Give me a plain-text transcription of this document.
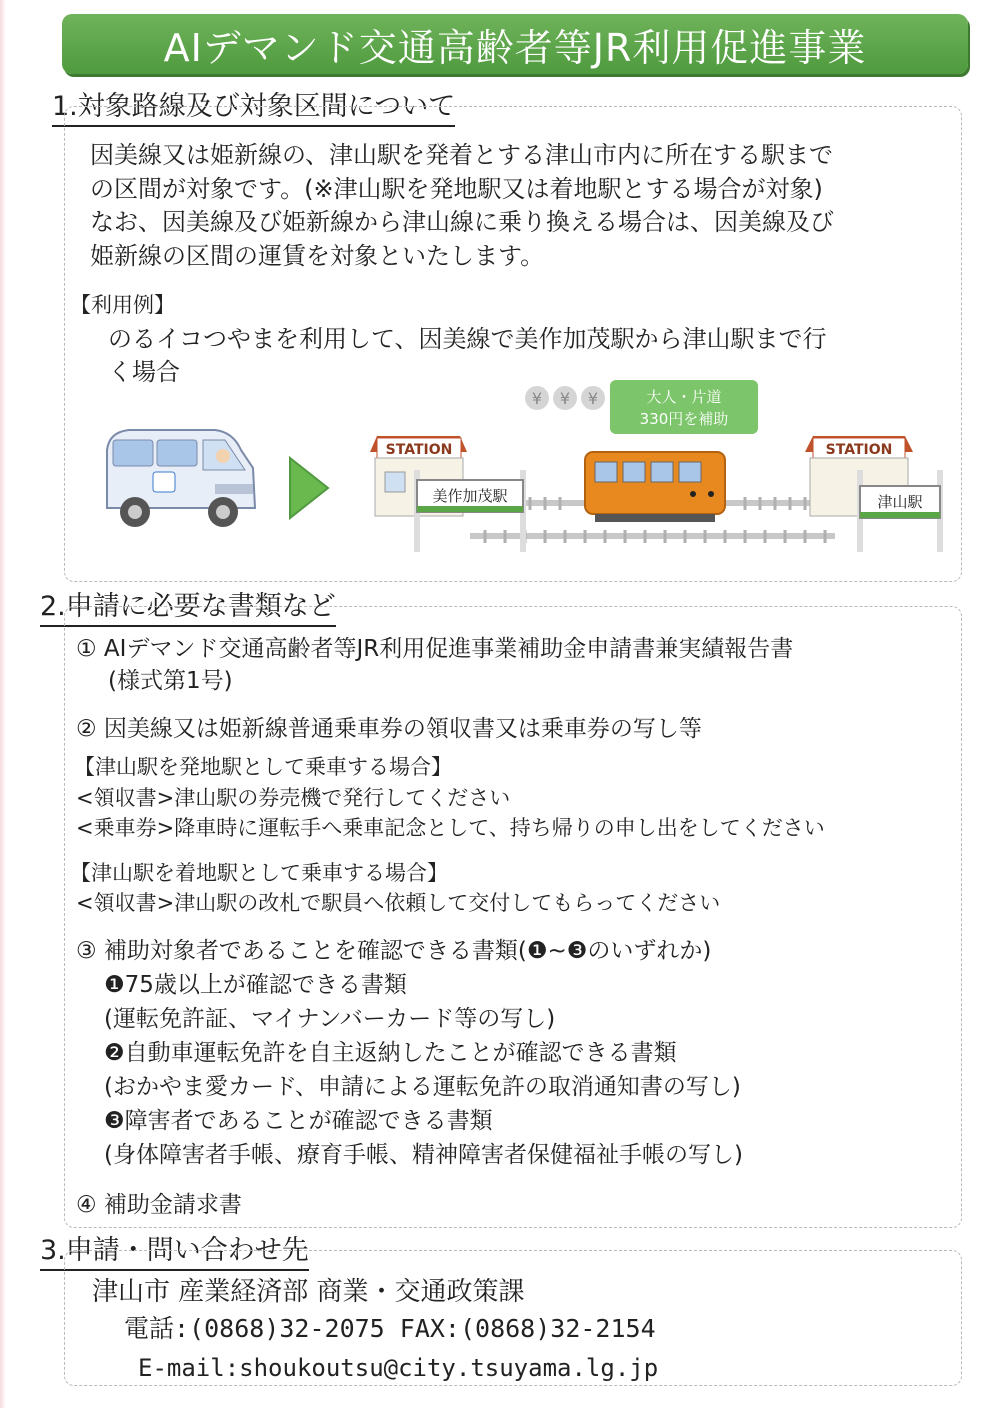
AIデマンド交通高齢者等JR利用促進事業
1.対象路線及び対象区間について
因美線又は姫新線の、津山駅を発着とする津山市内に所在する駅まで
の区間が対象です。(※津山駅を発地駅又は着地駅とする場合が対象)
なお、因美線及び姫新線から津山線に乗り換える場合は、因美線及び
姫新線の区間の運賃を対象といたします。
【利用例】
のるイコつやまを利用して、因美線で美作加茂駅から津山駅まで行
く場合
¥ ¥ ¥	大人・片道
330円を補助
STATION
美作加茂駅
STATION
津山駅
2.申請に必要な書類など
① AIデマンド交通高齢者等JR利用促進事業補助金申請書兼実績報告書
(様式第1号)
② 因美線又は姫新線普通乗車券の領収書又は乗車券の写し等
【津山駅を発地駅として乗車する場合】
<領収書>津山駅の券売機で発行してください
<乗車券>降車時に運転手へ乗車記念として、持ち帰りの申し出をしてください
【津山駅を着地駅として乗車する場合】
<領収書>津山駅の改札で駅員へ依頼して交付してもらってください
③ 補助対象者であることを確認できる書類(❶~❸のいずれか)
❶75歳以上が確認できる書類
(運転免許証、マイナンバーカード等の写し)
❷自動車運転免許を自主返納したことが確認できる書類
(おかやま愛カード、申請による運転免許の取消通知書の写し)
❸障害者であることが確認できる書類
(身体障害者手帳、療育手帳、精神障害者保健福祉手帳の写し)
④ 補助金請求書
3.申請・問い合わせ先
津山市 産業経済部 商業・交通政策課
電話:(0868)32-2075 FAX:(0868)32-2154
E-mail:shoukoutsu@city.tsuyama.lg.jp
